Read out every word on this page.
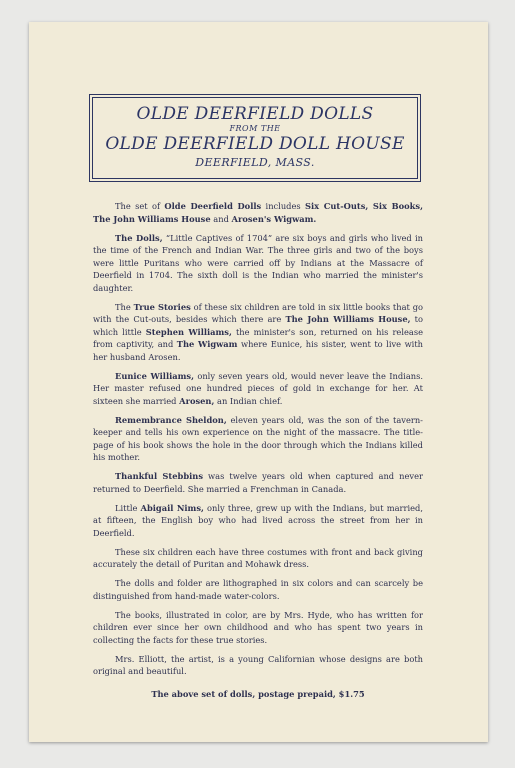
OLDE DEERFIELD DOLLS
FROM THE
OLDE DEERFIELD DOLL HOUSE
DEERFIELD, MASS.

The set of Olde Deerfield Dolls includes Six Cut-Outs, Six Books, The John Williams House and Arosen's Wigwam.

The Dolls, “Little Captives of 1704” are six boys and girls who lived in the time of the French and Indian War. The three girls and two of the boys were little Puritans who were carried off by Indians at the Massacre of Deerfield in 1704. The sixth doll is the Indian who married the minister's daughter.

The True Stories of these six children are told in six little books that go with the Cut-outs, besides which there are The John Williams House, to which little Stephen Williams, the minister's son, returned on his release from captivity, and The Wigwam where Eunice, his sister, went to live with her husband Arosen.

Eunice Williams, only seven years old, would never leave the Indians. Her master refused one hundred pieces of gold in exchange for her. At sixteen she married Arosen, an Indian chief.

Remembrance Sheldon, eleven years old, was the son of the tavern-keeper and tells his own experience on the night of the massacre. The title-page of his book shows the hole in the door through which the Indians killed his mother.

Thankful Stebbins was twelve years old when captured and never returned to Deerfield. She married a Frenchman in Canada.

Little Abigail Nims, only three, grew up with the Indians, but married, at fifteen, the English boy who had lived across the street from her in Deerfield.

These six children each have three costumes with front and back giving accurately the detail of Puritan and Mohawk dress.

The dolls and folder are lithographed in six colors and can scarcely be distinguished from hand-made water-colors.

The books, illustrated in color, are by Mrs. Hyde, who has written for children ever since her own childhood and who has spent two years in collecting the facts for these true stories.

Mrs. Elliott, the artist, is a young Californian whose designs are both original and beautiful.

The above set of dolls, postage prepaid, $1.75
